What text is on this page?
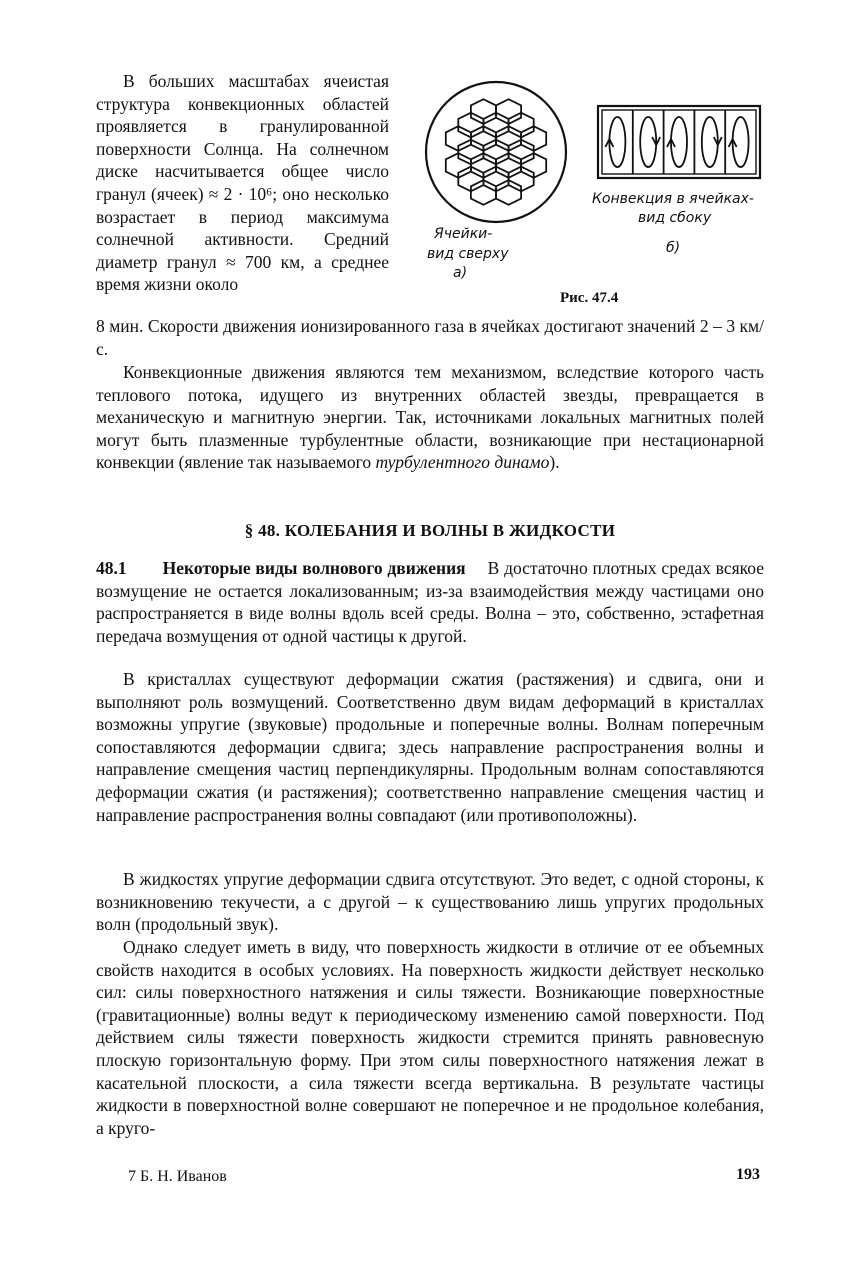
В больших масштабах ячеистая структура конвекционных областей проявляется в гранулированной поверхности Солнца. На солнечном диске насчитывается общее число гранул (ячеек) ≈ 2 · 10⁶; оно несколько возрастает в период максимума солнечной активности. Средний диаметр гранул ≈ 700 км, а среднее время жизни около

Ячейки-
вид сверху
а)
Конвекция в ячейках-
вид сбоку
б)
Рис. 47.4

8 мин. Скорости движения ионизированного газа в ячейках достигают значений 2 – 3 км/с.

Конвекционные движения являются тем механизмом, вследствие которого часть теплового потока, идущего из внутренних областей звезды, превращается в механическую и магнитную энергии. Так, источниками локальных магнитных полей могут быть плазменные турбулентные области, возникающие при нестационарной конвекции (явление так называемого турбулентного динамо).

§ 48. КОЛЕБАНИЯ И ВОЛНЫ В ЖИДКОСТИ

48.1 Некоторые виды волнового движения В достаточно плотных средах всякое возмущение не остается локализованным; из-за взаимодействия между частицами оно распространяется в виде волны вдоль всей среды. Волна – это, собственно, эстафетная передача возмущения от одной частицы к другой.

В кристаллах существуют деформации сжатия (растяжения) и сдвига, они и выполняют роль возмущений. Соответственно двум видам деформаций в кристаллах возможны упругие (звуковые) продольные и поперечные волны. Волнам поперечным сопоставляются деформации сдвига; здесь направление распространения волны и направление смещения частиц перпендикулярны. Продольным волнам сопоставляются деформации сжатия (и растяжения); соответственно направление смещения частиц и направление распространения волны совпадают (или противоположны).

В жидкостях упругие деформации сдвига отсутствуют. Это ведет, с одной стороны, к возникновению текучести, а с другой – к существованию лишь упругих продольных волн (продольный звук).

Однако следует иметь в виду, что поверхность жидкости в отличие от ее объемных свойств находится в особых условиях. На поверхность жидкости действует несколько сил: силы поверхностного натяжения и силы тяжести. Возникающие поверхностные (гравитационные) волны ведут к периодическому изменению самой поверхности. Под действием силы тяжести поверхность жидкости стремится принять равновесную плоскую горизонтальную форму. При этом силы поверхностного натяжения лежат в касательной плоскости, а сила тяжести всегда вертикальна. В результате частицы жидкости в поверхностной волне совершают не поперечное и не продольное колебания, а круго-

7 Б. Н. Иванов	193
